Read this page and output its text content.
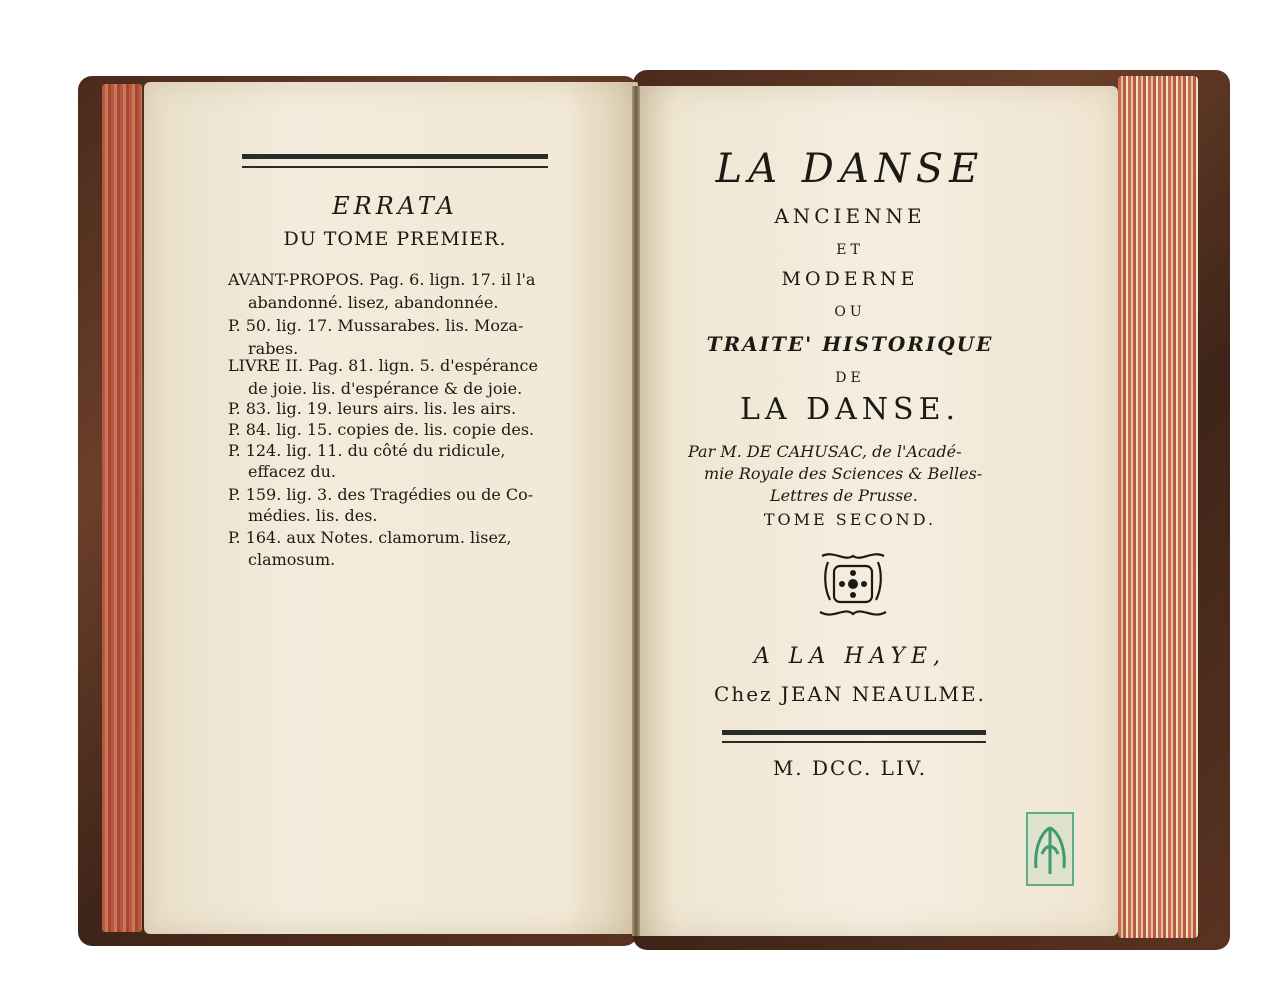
ERRATA
DU TOME PREMIER.
AVANT-PROPOS. Pag. 6. lign. 17. il l'a
abandonné. lisez, abandonnée.
P. 50. lig. 17. Mussarabes. lis. Moza-
rabes.
LIVRE II. Pag. 81. lign. 5. d'espérance
de joie. lis. d'espérance & de joie.
P. 83. lig. 19. leurs airs. lis. les airs.
P. 84. lig. 15. copies de. lis. copie des.
P. 124. lig. 11. du côté du ridicule,
effacez du.
P. 159. lig. 3. des Tragédies ou de Co-
médies. lis. des.
P. 164. aux Notes. clamorum. lisez,
clamosum.
LA DANSE
ANCIENNE
ET
MODERNE
OU
TRAITE' HISTORIQUE
DE
LA DANSE.
Par M. DE CAHUSAC, de l'Acadé-
mie Royale des Sciences & Belles-
Lettres de Prusse.
TOME SECOND.
A LA HAYE,
Chez JEAN NEAULME.
M. DCC. LIV.
